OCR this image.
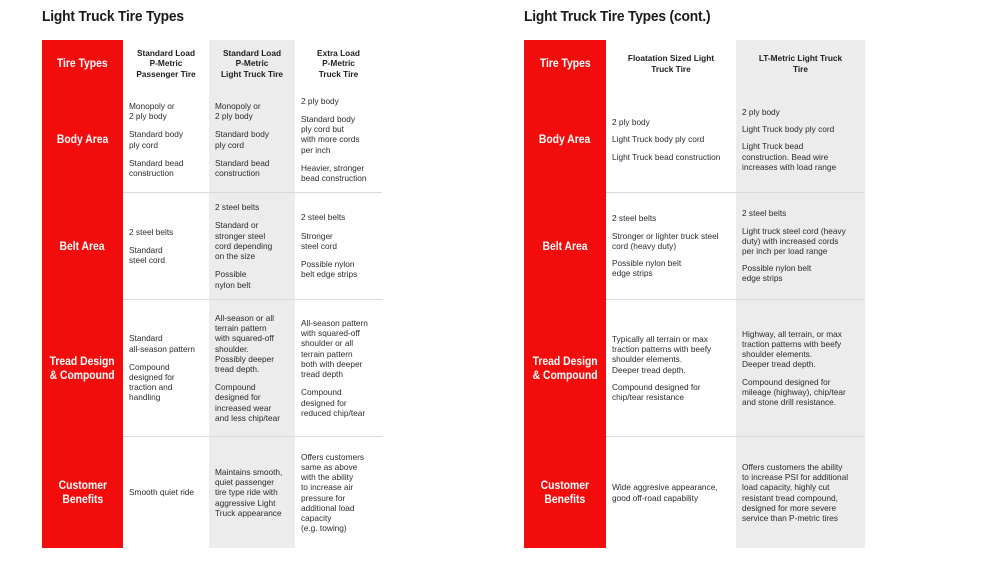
Light Truck Tire Types	Light Truck Tire Types (cont.)
Tire Types
Standard Load
P-Metric
Passenger Tire
Standard Load
P-Metric
Light Truck Tire
Extra Load
P-Metric
Truck Tire
Body Area
Monopoly or
2 ply body
Standard body
ply cord
Standard bead
construction
Monopoly or
2 ply body
Standard body
ply cord
Standard bead
construction
2 ply body
Standard body
ply cord but
with more cords
per inch
Heavier, stronger
bead construction
Belt Area
2 steel belts
Standard
steel cord
2 steel belts
Standard or
stronger steel
cord depending
on the size
Possible
nylon belt
2 steel belts
Stronger
steel cord
Possible nylon
belt edge strips
Tread Design
& Compound
Standard
all-season pattern
Compound
designed for
traction and
handling
All-season or all
terrain pattern
with squared-off
shoulder.
Possibly deeper
tread depth.
Compound
designed for
increased wear
and less chip/tear
All-season pattern
with squared-off
shoulder or all
terrain pattern
both with deeper
tread depth
Compound
designed for
reduced chip/tear
Customer
Benefits
Smooth quiet ride
Maintains smooth,
quiet passenger
tire type ride with
aggressive Light
Truck appearance
Offers customers
same as above
with the ability
to increase air
pressure for
additional load
capacity
(e.g. towing)
Tire Types	Floatation Sized Light
Truck Tire
LT-Metric Light Truck
Tire
Body Area
2 ply body
Light Truck body ply cord
Light Truck bead construction
2 ply body
Light Truck body ply cord
Light Truck bead
construction. Bead wire
increases with load range
Belt Area
2 steel belts
Stronger or lighter truck steel
cord (heavy duty)
Possible nylon belt
edge strips
2 steel belts
Light truck steel cord (heavy
duty) with increased cords
per inch per load range
Possible nylon belt
edge strips
Tread Design
& Compound
Typically all terrain or max
traction patterns with beefy
shoulder elements.
Deeper tread depth.
Compound designed for
chip/tear resistance
Highway, all terrain, or max
traction patterns with beefy
shoulder elements.
Deeper tread depth.
Compound designed for
mileage (highway), chip/tear
and stone drill resistance.
Customer
Benefits
Wide aggresive appearance,
good off-road capability
Offers customers the ability
to increase PSI for additional
load capacity, highly cut
resistant tread compound,
designed for more severe
service than P-metric tires
